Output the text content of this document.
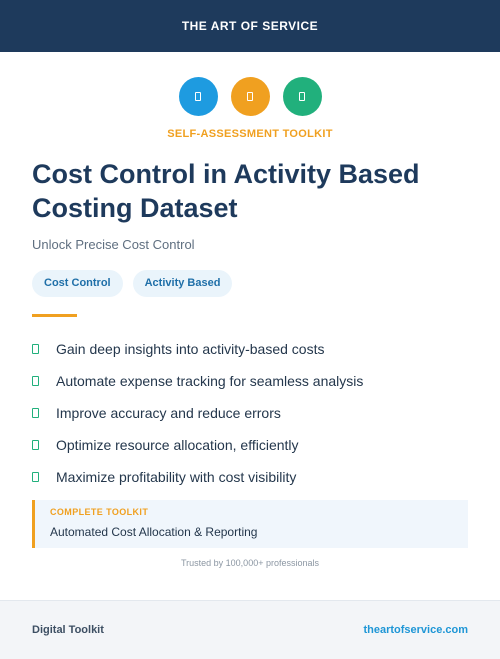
THE ART OF SERVICE
SELF-ASSESSMENT TOOLKIT
Cost Control in Activity Based Costing Dataset
Unlock Precise Cost Control
Cost Control	Activity Based
Gain deep insights into activity-based costs
Automate expense tracking for seamless analysis
Improve accuracy and reduce errors
Optimize resource allocation, efficiently
Maximize profitability with cost visibility
COMPLETE TOOLKIT
Automated Cost Allocation & Reporting
Trusted by 100,000+ professionals
Digital Toolkit	theartofservice.com
